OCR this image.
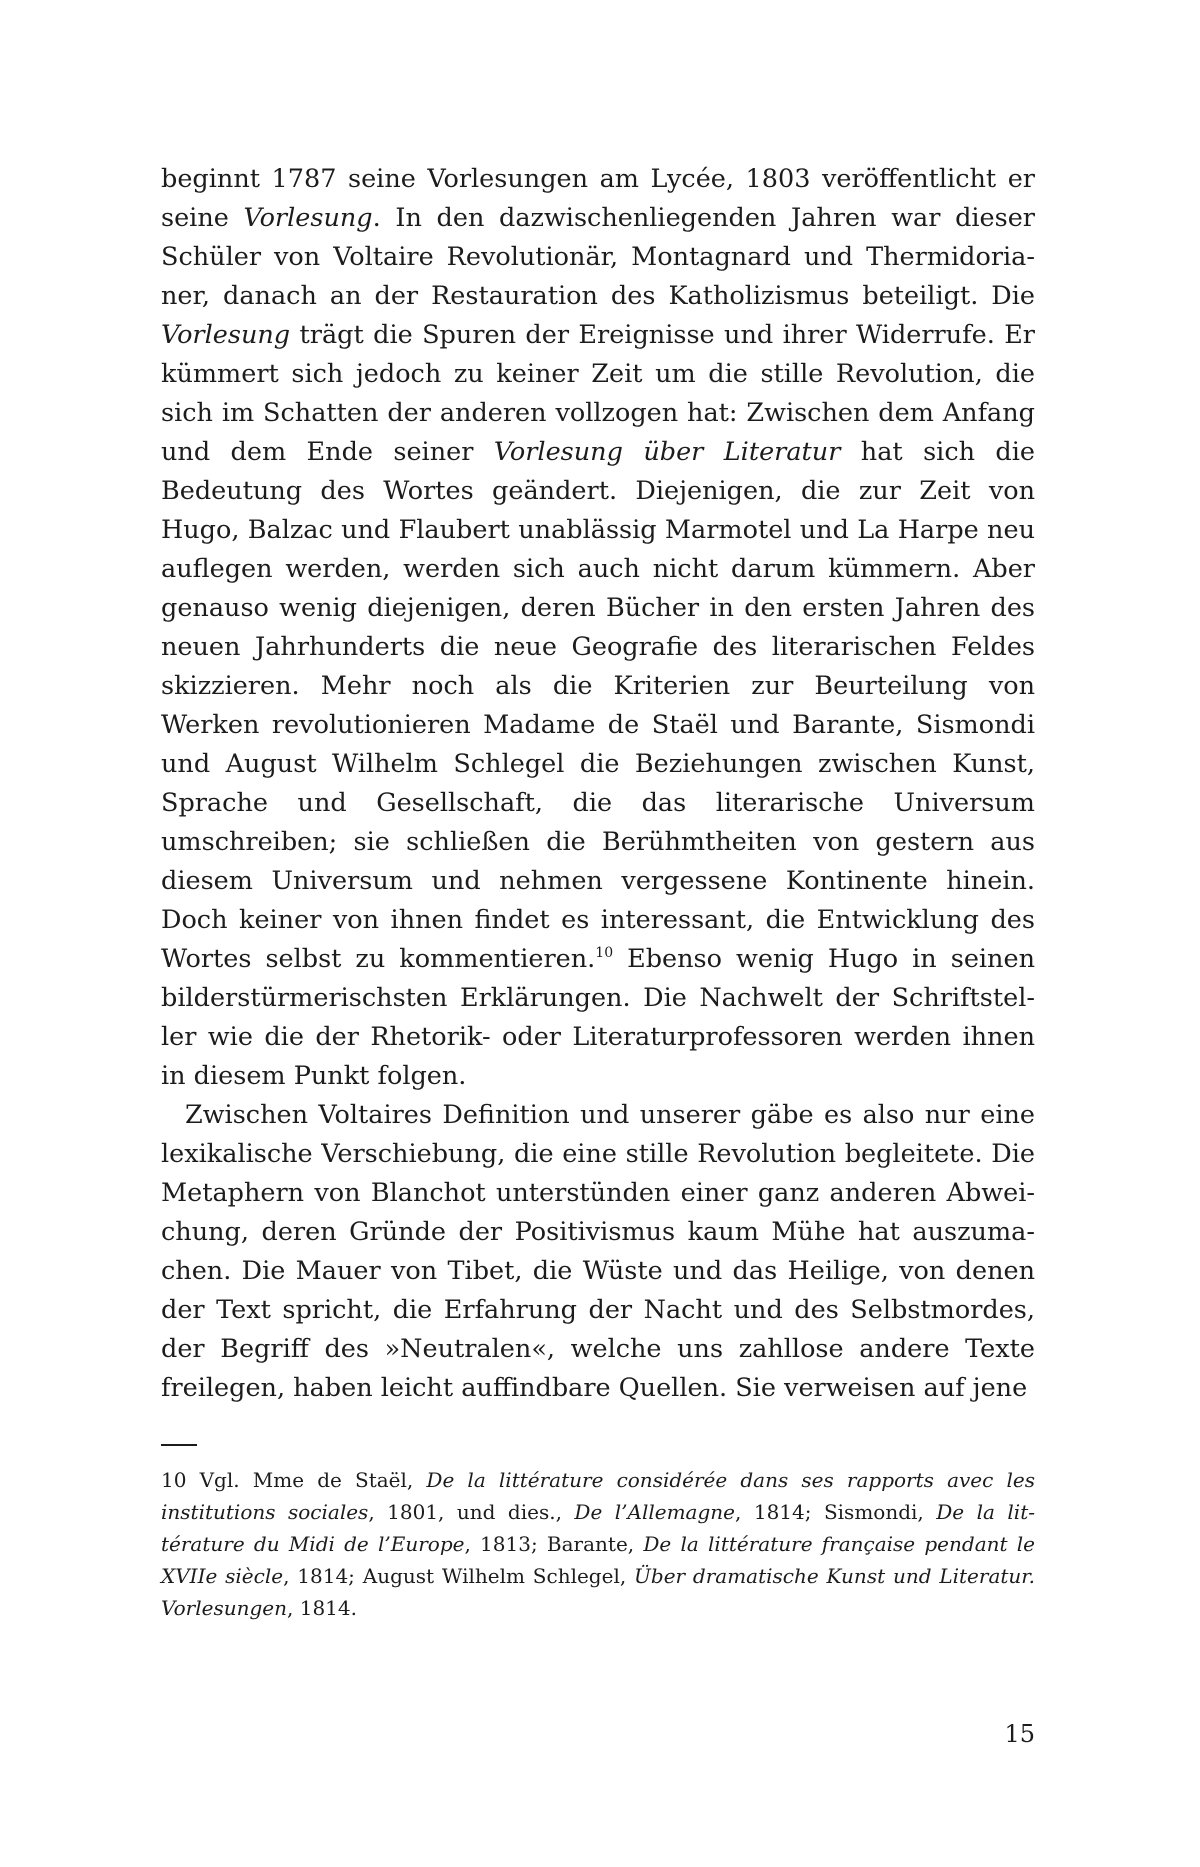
beginnt 1787 seine Vorlesungen am Lycée, 1803 veröffentlicht er seine Vorlesung. In den dazwischenliegenden Jahren war dieser Schüler von Voltaire Revolutionär, Montagnard und Thermidorianer, danach an der Restauration des Katholizismus beteiligt. Die Vorlesung trägt die Spuren der Ereignisse und ihrer Widerrufe. Er kümmert sich jedoch zu keiner Zeit um die stille Revolution, die sich im Schatten der anderen vollzogen hat: Zwischen dem Anfang und dem Ende seiner Vorlesung über Literatur hat sich die Bedeutung des Wortes geändert. Diejenigen, die zur Zeit von Hugo, Balzac und Flaubert unablässig Marmotel und La Harpe neu auflegen werden, werden sich auch nicht darum kümmern. Aber genauso wenig diejenigen, deren Bücher in den ersten Jahren des neuen Jahrhunderts die neue Geografie des literarischen Feldes skizzieren. Mehr noch als die Kriterien zur Beurteilung von Werken revolutionieren Madame de Staël und Barante, Sismondi und August Wilhelm Schlegel die Beziehungen zwischen Kunst, Sprache und Gesellschaft, die das literarische Universum umschreiben; sie schließen die Berühmtheiten von gestern aus diesem Universum und nehmen vergessene Kontinente hinein. Doch keiner von ihnen findet es interessant, die Entwicklung des Wortes selbst zu kommentieren.$^{10}$ Ebenso wenig Hugo in seinen bilderstürmerischsten Erklärungen. Die Nachwelt der Schriftsteller wie die der Rhetorik- oder Literaturprofessoren werden ihnen in diesem Punkt folgen.

Zwischen Voltaires Definition und unserer gäbe es also nur eine lexikalische Verschiebung, die eine stille Revolution begleitete. Die Metaphern von Blanchot unterstünden einer ganz anderen Abweichung, deren Gründe der Positivismus kaum Mühe hat auszumachen. Die Mauer von Tibet, die Wüste und das Heilige, von denen der Text spricht, die Erfahrung der Nacht und des Selbstmordes, der Begriff des »Neutralen«, welche uns zahllose andere Texte freilegen, haben leicht auffindbare Quellen. Sie verweisen auf jene

10 Vgl. Mme de Staël, De la littérature considérée dans ses rapports avec les institutions sociales, 1801, und dies., De l’Allemagne, 1814; Sismondi, De la littérature du Midi de l’Europe, 1813; Barante, De la littérature française pendant le XVIIe siècle, 1814; August Wilhelm Schlegel, Über dramatische Kunst und Literatur. Vorlesungen, 1814.

15
